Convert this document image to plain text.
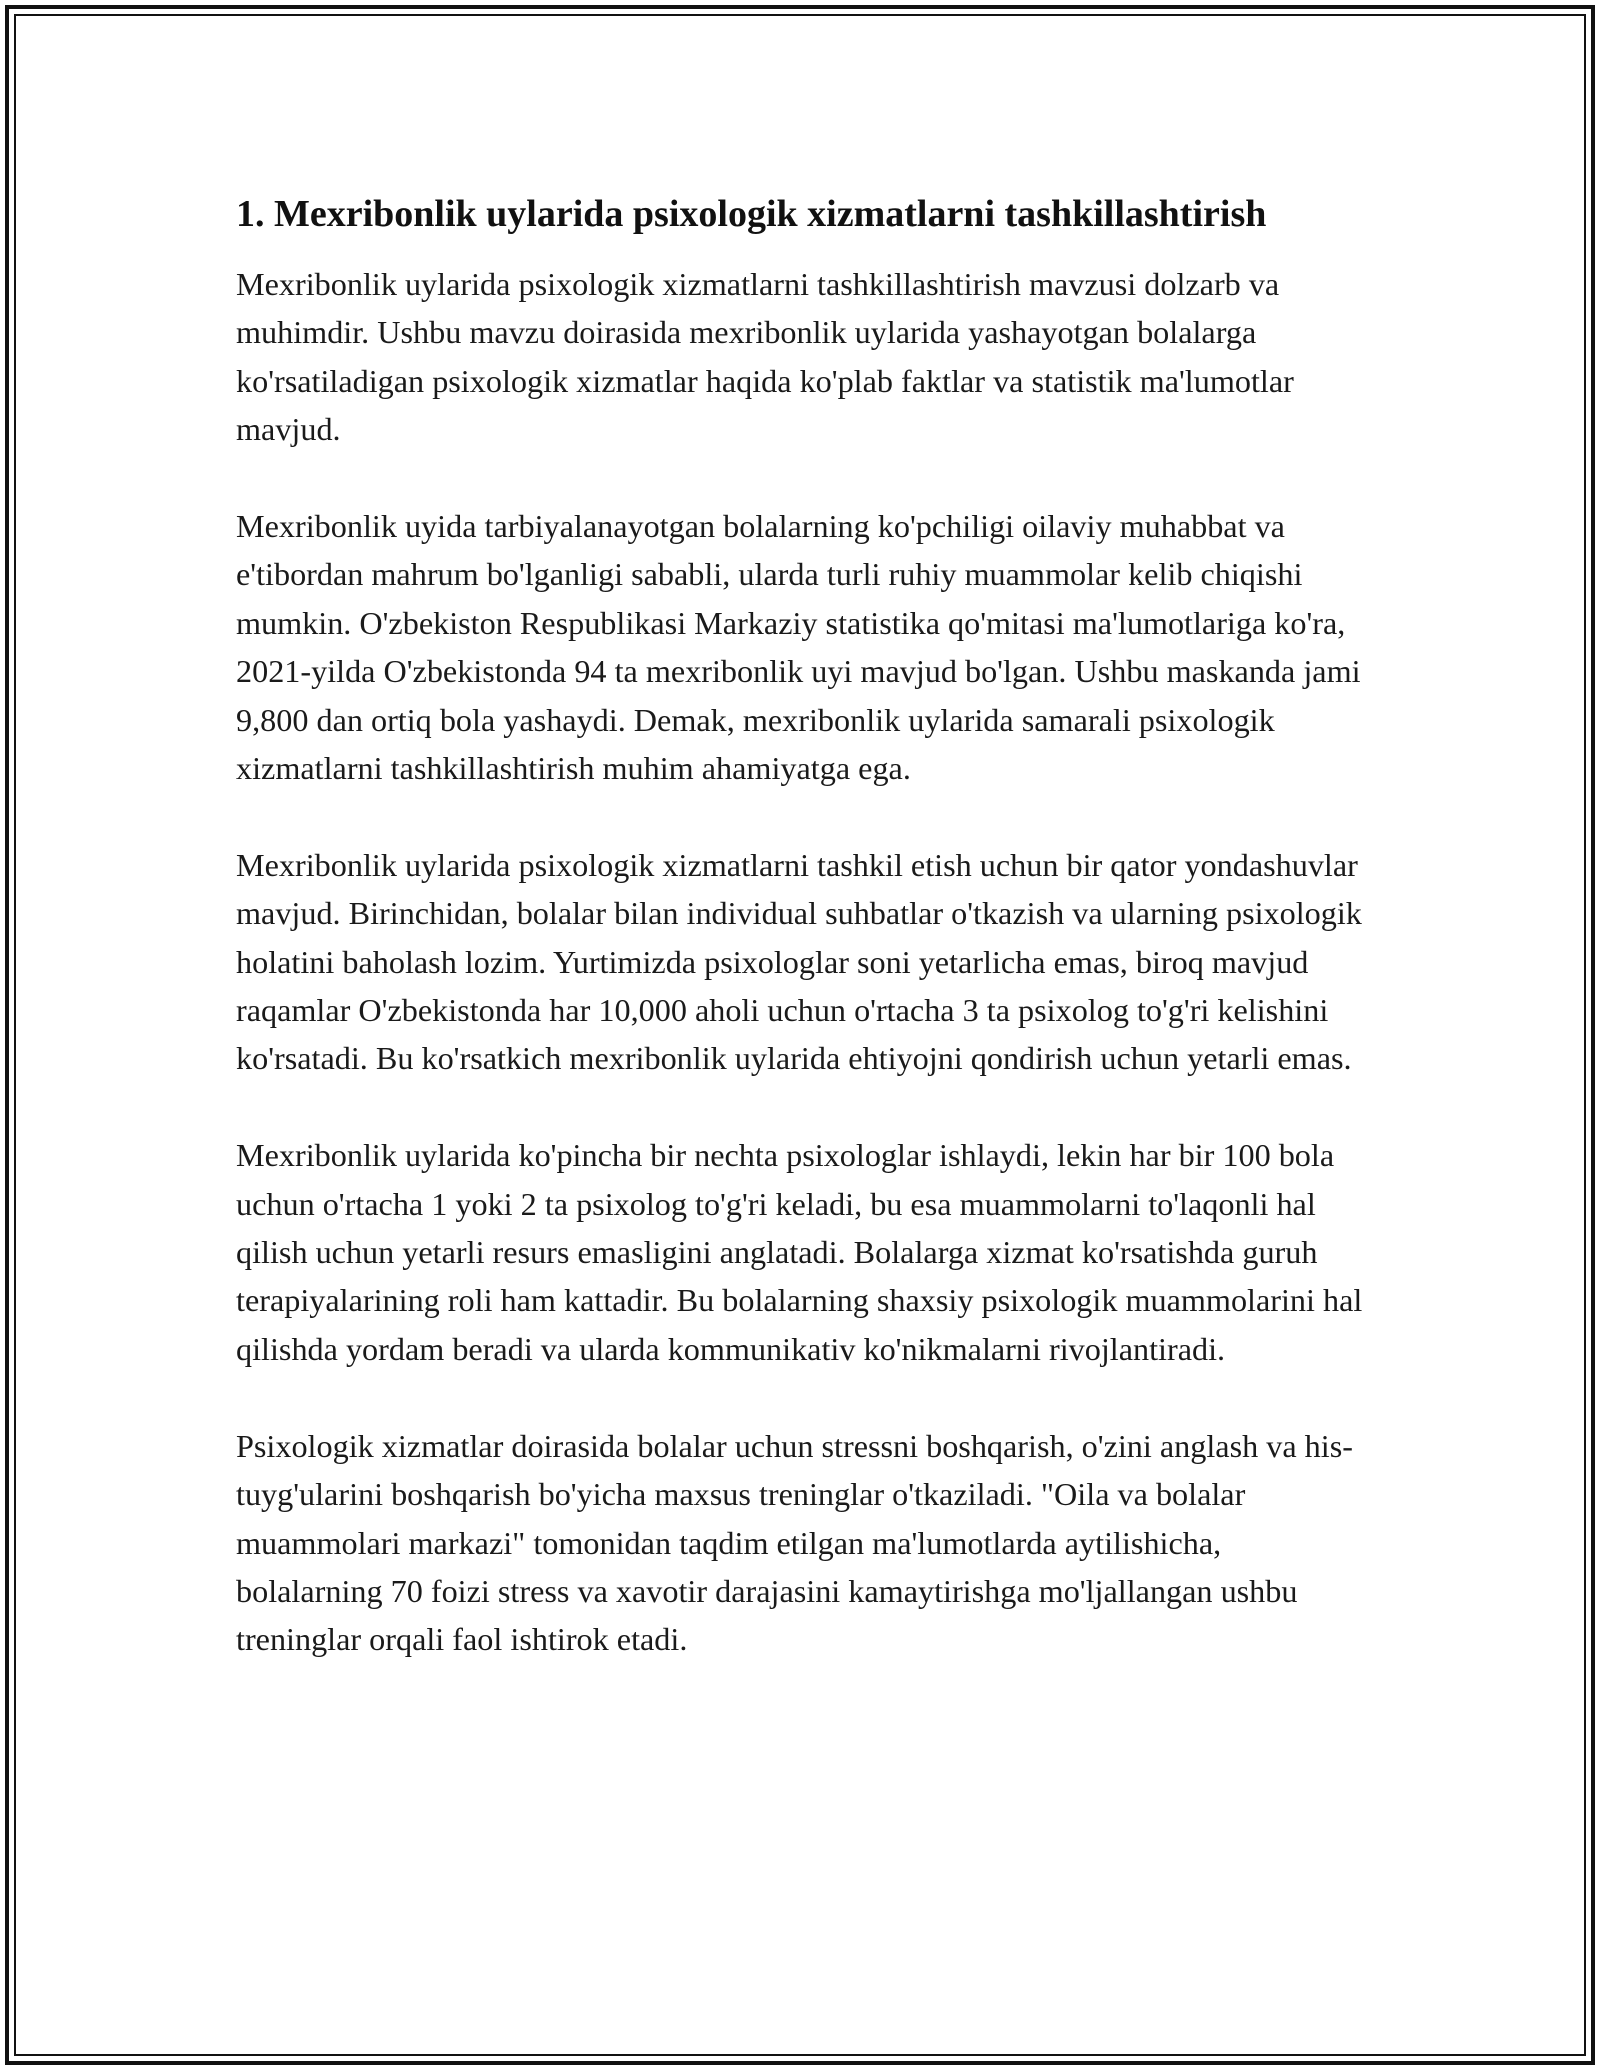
1. Mexribonlik uylarida psixologik xizmatlarni tashkillashtirish

Mexribonlik uylarida psixologik xizmatlarni tashkillashtirish mavzusi dolzarb va muhimdir. Ushbu mavzu doirasida mexribonlik uylarida yashayotgan bolalarga ko'rsatiladigan psixologik xizmatlar haqida ko'plab faktlar va statistik ma'lumotlar mavjud.

Mexribonlik uyida tarbiyalanayotgan bolalarning ko'pchiligi oilaviy muhabbat va e'tibordan mahrum bo'lganligi sababli, ularda turli ruhiy muammolar kelib chiqishi mumkin. O'zbekiston Respublikasi Markaziy statistika qo'mitasi ma'lumotlariga ko'ra, 2021-yilda O'zbekistonda 94 ta mexribonlik uyi mavjud bo'lgan. Ushbu maskanda jami 9,800 dan ortiq bola yashaydi. Demak, mexribonlik uylarida samarali psixologik xizmatlarni tashkillashtirish muhim ahamiyatga ega.

Mexribonlik uylarida psixologik xizmatlarni tashkil etish uchun bir qator yondashuvlar mavjud. Birinchidan, bolalar bilan individual suhbatlar o'tkazish va ularning psixologik holatini baholash lozim. Yurtimizda psixologlar soni yetarlicha emas, biroq mavjud raqamlar O'zbekistonda har 10,000 aholi uchun o'rtacha 3 ta psixolog to'g'ri kelishini ko'rsatadi. Bu ko'rsatkich mexribonlik uylarida ehtiyojni qondirish uchun yetarli emas.

Mexribonlik uylarida ko'pincha bir nechta psixologlar ishlaydi, lekin har bir 100 bola uchun o'rtacha 1 yoki 2 ta psixolog to'g'ri keladi, bu esa muammolarni to'laqonli hal qilish uchun yetarli resurs emasligini anglatadi. Bolalarga xizmat ko'rsatishda guruh terapiyalarining roli ham kattadir. Bu bolalarning shaxsiy psixologik muammolarini hal qilishda yordam beradi va ularda kommunikativ ko'nikmalarni rivojlantiradi.

Psixologik xizmatlar doirasida bolalar uchun stressni boshqarish, o'zini anglash va his-tuyg'ularini boshqarish bo'yicha maxsus treninglar o'tkaziladi. "Oila va bolalar muammolari markazi" tomonidan taqdim etilgan ma'lumotlarda aytilishicha, bolalarning 70 foizi stress va xavotir darajasini kamaytirishga mo'ljallangan ushbu treninglar orqali faol ishtirok etadi.
